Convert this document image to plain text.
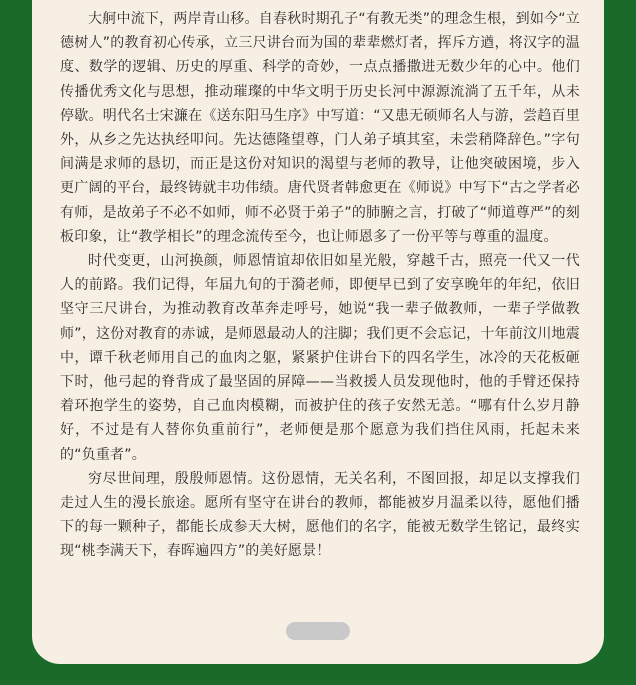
大舸中流下，两岸青山移。自春秋时期孔子“有教无类”的理念生根，到如今“立德树人”的教育初心传承，立三尺讲台而为国的辈辈燃灯者，挥斥方遒，将汉字的温度、数学的逻辑、历史的厚重、科学的奇妙，一点点播撒进无数少年的心中。他们传播优秀文化与思想，推动璀璨的中华文明于历史长河中源源流淌了五千年，从未停歇。明代名士宋濂在《送东阳马生序》中写道：“又患无硕师名人与游，尝趋百里外，从乡之先达执经叩问。先达德隆望尊，门人弟子填其室，未尝稍降辞色。”字句间满是求师的恳切，而正是这份对知识的渴望与老师的教导，让他突破困境，步入更广阔的平台，最终铸就丰功伟绩。唐代贤者韩愈更在《师说》中写下“古之学者必有师，是故弟子不必不如师，师不必贤于弟子”的肺腑之言，打破了“师道尊严”的刻板印象，让“教学相长”的理念流传至今，也让师恩多了一份平等与尊重的温度。

时代变更，山河换颜，师恩情谊却依旧如星光般，穿越千古，照亮一代又一代人的前路。我们记得，年届九旬的于漪老师，即便早已到了安享晚年的年纪，依旧坚守三尺讲台，为推动教育改革奔走呼号，她说“我一辈子做教师，一辈子学做教师”，这份对教育的赤诚，是师恩最动人的注脚；我们更不会忘记，十年前汶川地震中，谭千秋老师用自己的血肉之躯，紧紧护住讲台下的四名学生，冰冷的天花板砸下时，他弓起的脊背成了最坚固的屏障——当救援人员发现他时，他的手臂还保持着环抱学生的姿势，自己血肉模糊，而被护住的孩子安然无恙。“哪有什么岁月静好，不过是有人替你负重前行”，老师便是那个愿意为我们挡住风雨，托起未来的“负重者”。

穷尽世间理，殷殷师恩情。这份恩情，无关名利，不图回报，却足以支撑我们走过人生的漫长旅途。愿所有坚守在讲台的教师，都能被岁月温柔以待，愿他们播下的每一颗种子，都能长成参天大树，愿他们的名字，能被无数学生铭记，最终实现“桃李满天下，春晖遍四方”的美好愿景！
